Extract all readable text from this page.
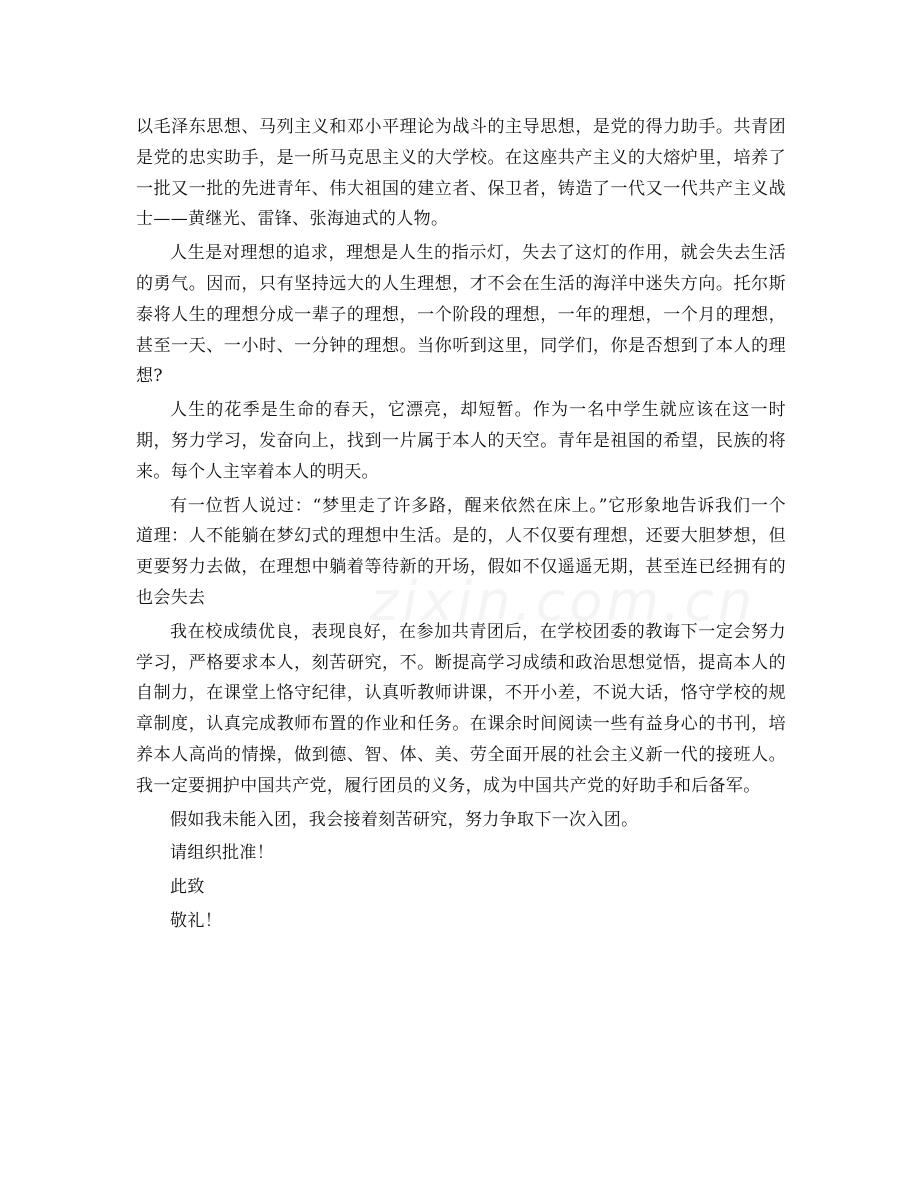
以毛泽东思想、马列主义和邓小平理论为战斗的主导思想，是党的得力助手。共青团是党的忠实助手，是一所马克思主义的大学校。在这座共产主义的大熔炉里，培养了一批又一批的先进青年、伟大祖国的建立者、保卫者，铸造了一代又一代共产主义战士——黄继光、雷锋、张海迪式的人物。

人生是对理想的追求，理想是人生的指示灯，失去了这灯的作用，就会失去生活的勇气。因而，只有坚持远大的人生理想，才不会在生活的海洋中迷失方向。托尔斯泰将人生的理想分成一辈子的理想，一个阶段的理想，一年的理想，一个月的理想，甚至一天、一小时、一分钟的理想。当你听到这里，同学们，你是否想到了本人的理想?

人生的花季是生命的春天，它漂亮，却短暂。作为一名中学生就应该在这一时期，努力学习，发奋向上，找到一片属于本人的天空。青年是祖国的希望，民族的将来。每个人主宰着本人的明天。

有一位哲人说过：“梦里走了许多路，醒来依然在床上。”它形象地告诉我们一个道理：人不能躺在梦幻式的理想中生活。是的，人不仅要有理想，还要大胆梦想，但更要努力去做，在理想中躺着等待新的开场，假如不仅遥遥无期，甚至连已经拥有的也会失去

我在校成绩优良，表现良好，在参加共青团后，在学校团委的教诲下一定会努力学习，严格要求本人，刻苦研究，不。断提高学习成绩和政治思想觉悟，提高本人的自制力，在课堂上恪守纪律，认真听教师讲课，不开小差，不说大话，恪守学校的规章制度，认真完成教师布置的作业和任务。在课余时间阅读一些有益身心的书刊，培养本人高尚的情操，做到德、智、体、美、劳全面开展的社会主义新一代的接班人。我一定要拥护中国共产党，履行团员的义务，成为中国共产党的好助手和后备军。

假如我未能入团，我会接着刻苦研究，努力争取下一次入团。

请组织批准！

此致

敬礼！
